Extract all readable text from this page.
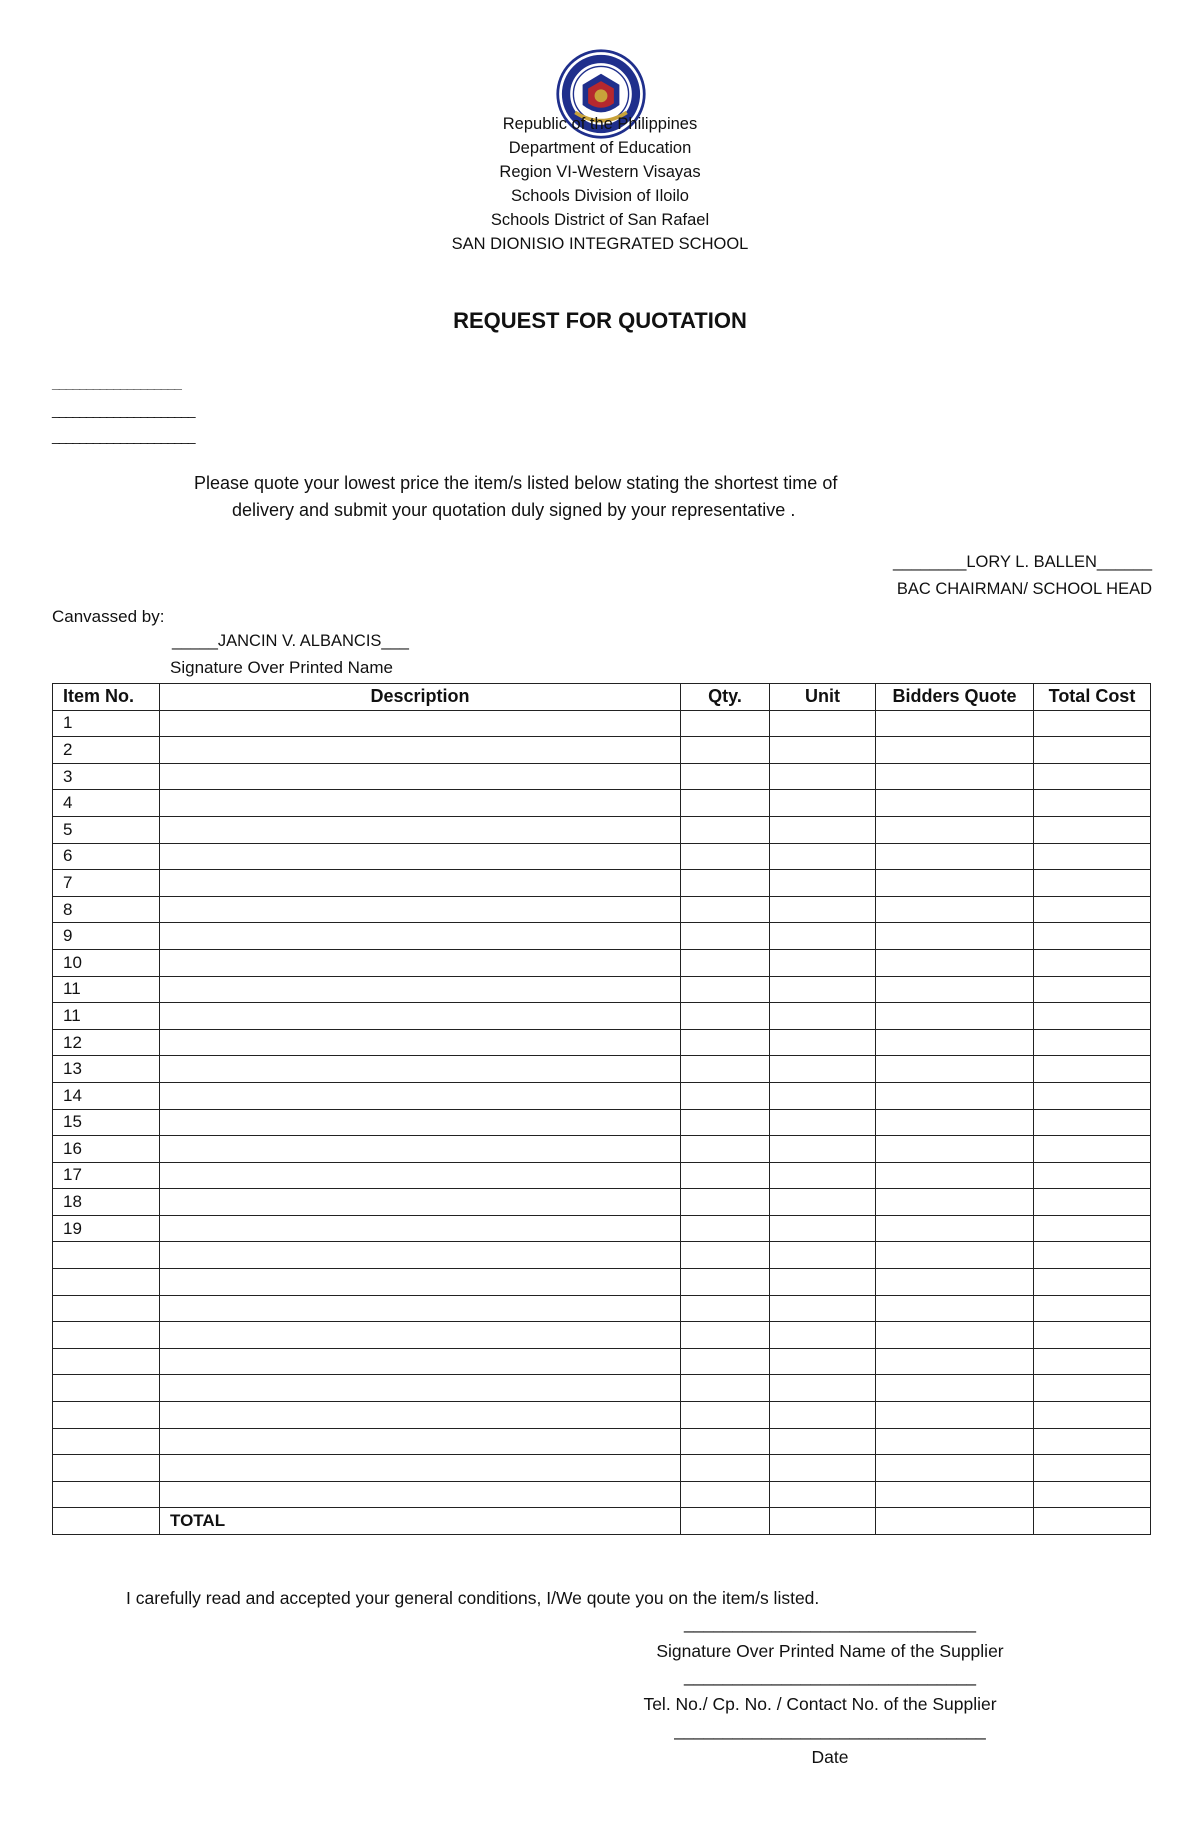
Republic of the Philippines
Department of Education
Region VI-Western Visayas
Schools Division of Iloilo
Schools District of San Rafael
SAN DIONISIO INTEGRATED SCHOOL
REQUEST FOR QUOTATION
___________________
_____________________
_____________________
Please quote your lowest price the item/s listed below stating the shortest time of
delivery and submit your quotation duly signed by your representative .
________LORY L. BALLEN______
BAC CHAIRMAN/ SCHOOL HEAD
Canvassed by:
_____JANCIN V. ALBANCIS___
Signature Over Printed Name
Item No.	Description	Qty.	Unit	Bidders Quote	Total Cost
1					
2					
3					
4					
5					
6					
7					
8					
9					
10					
11					
11					
12					
13					
14					
15					
16					
17					
18					
19					

	TOTAL				
I carefully read and accepted your general conditions, I/We qoute you on the item/s listed.
______________________________
Signature Over Printed Name of the Supplier
______________________________
Tel. No./ Cp. No. / Contact No. of the Supplier
________________________________
Date
